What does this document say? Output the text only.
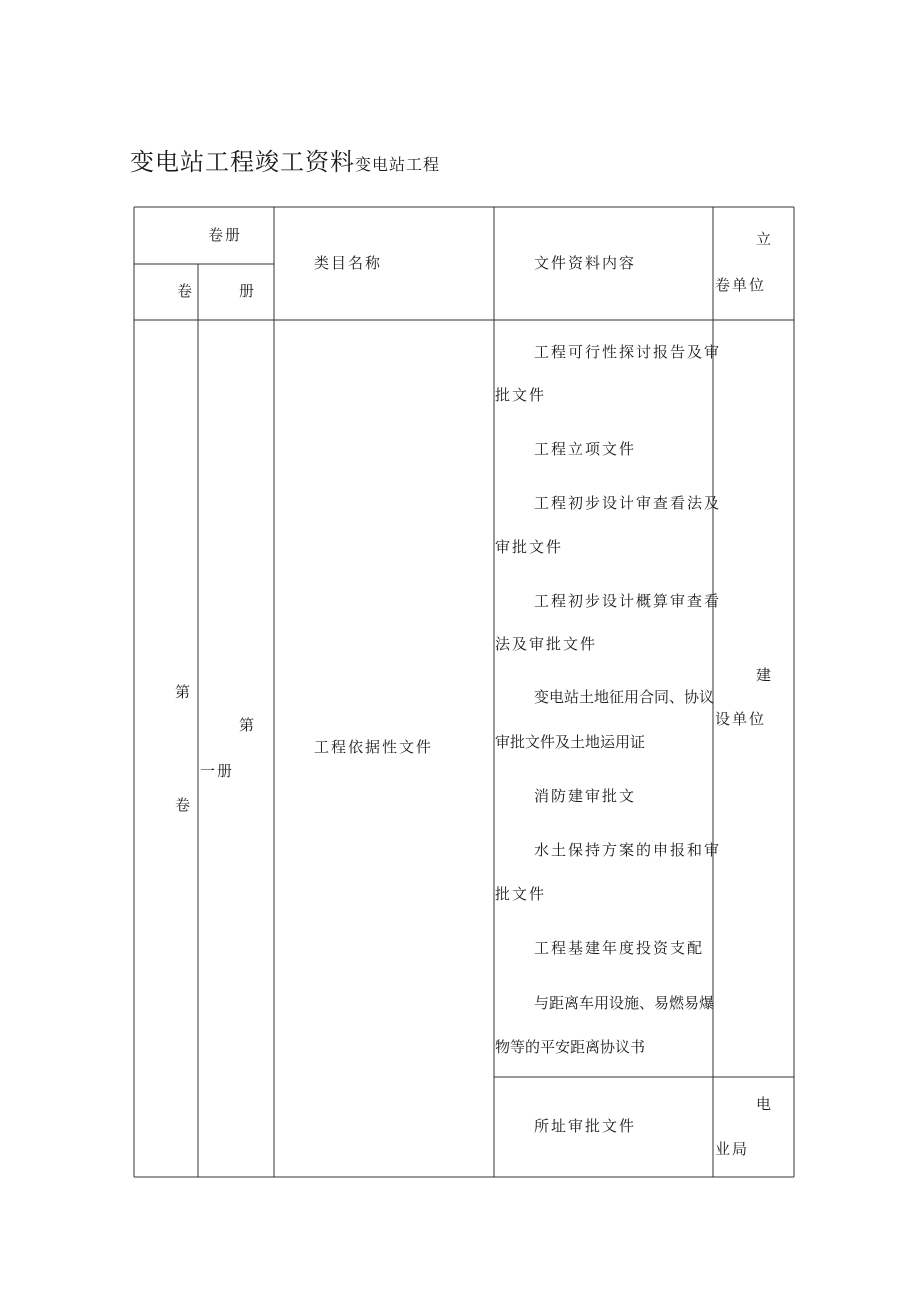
变电站工程竣工资料变电站工程
卷册
卷	册
类目名称	文件资料内容
立
卷单位
第
卷
第
一册
工程依据性文件
工程可行性探讨报告及审
批文件
工程立项文件
工程初步设计审查看法及
审批文件
工程初步设计概算审查看
法及审批文件
变电站土地征用合同、协议
审批文件及土地运用证
消防建审批文
水土保持方案的申报和审
批文件
工程基建年度投资支配
与距离车用设施、易燃易爆
物等的平安距离协议书
建
设单位
所址审批文件
电
业局
